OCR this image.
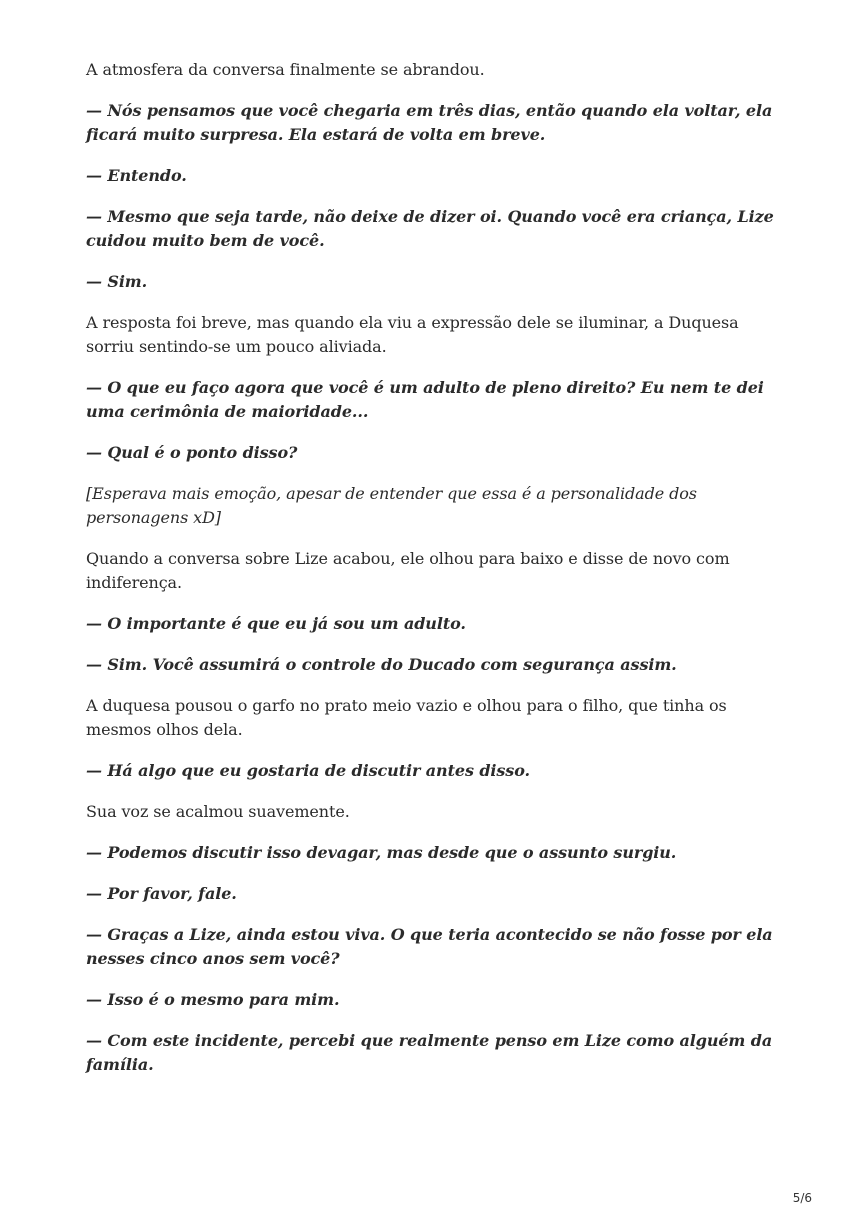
A atmosfera da conversa finalmente se abrandou.

— Nós pensamos que você chegaria em três dias, então quando ela voltar, ela ficará muito surpresa. Ela estará de volta em breve.

— Entendo.

— Mesmo que seja tarde, não deixe de dizer oi. Quando você era criança, Lize cuidou muito bem de você.

— Sim.

A resposta foi breve, mas quando ela viu a expressão dele se iluminar, a Duquesa sorriu sentindo-se um pouco aliviada.

— O que eu faço agora que você é um adulto de pleno direito? Eu nem te dei uma cerimônia de maioridade...

— Qual é o ponto disso?

[Esperava mais emoção, apesar de entender que essa é a personalidade dos personagens xD]

Quando a conversa sobre Lize acabou, ele olhou para baixo e disse de novo com indiferença.

— O importante é que eu já sou um adulto.

— Sim. Você assumirá o controle do Ducado com segurança assim.

A duquesa pousou o garfo no prato meio vazio e olhou para o filho, que tinha os mesmos olhos dela.

— Há algo que eu gostaria de discutir antes disso.

Sua voz se acalmou suavemente.

— Podemos discutir isso devagar, mas desde que o assunto surgiu.

— Por favor, fale.

— Graças a Lize, ainda estou viva. O que teria acontecido se não fosse por ela nesses cinco anos sem você?

— Isso é o mesmo para mim.

— Com este incidente, percebi que realmente penso em Lize como alguém da família.

5/6
